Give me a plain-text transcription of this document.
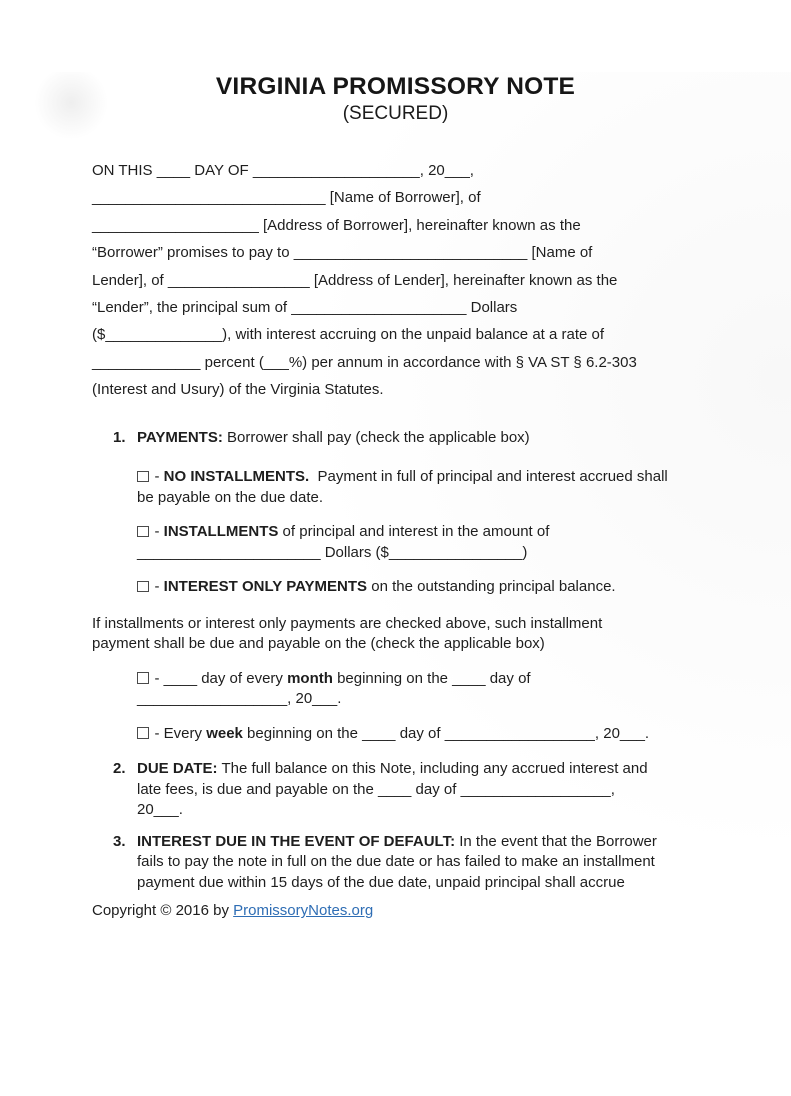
VIRGINIA PROMISSORY NOTE
(SECURED)
ON THIS ____ DAY OF ____________________, 20___,
____________________________ [Name of Borrower], of
____________________ [Address of Borrower], hereinafter known as the
“Borrower” promises to pay to ____________________________ [Name of
Lender], of _________________ [Address of Lender], hereinafter known as the
“Lender”, the principal sum of _____________________ Dollars
($______________), with interest accruing on the unpaid balance at a rate of
_____________ percent (___%) per annum in accordance with § VA ST § 6.2-303
(Interest and Usury) of the Virginia Statutes.
1. PAYMENTS: Borrower shall pay (check the applicable box)
- NO INSTALLMENTS.  Payment in full of principal and interest accrued shall
be payable on the due date.
- INSTALLMENTS of principal and interest in the amount of
______________________ Dollars ($________________)
- INTEREST ONLY PAYMENTS on the outstanding principal balance.
If installments or interest only payments are checked above, such installment
payment shall be due and payable on the (check the applicable box)
- ____ day of every month beginning on the ____ day of
__________________, 20___.
- Every week beginning on the ____ day of __________________, 20___.
2. DUE DATE: The full balance on this Note, including any accrued interest and
late fees, is due and payable on the ____ day of __________________,
20___.
3. INTEREST DUE IN THE EVENT OF DEFAULT: In the event that the Borrower
fails to pay the note in full on the due date or has failed to make an installment
payment due within 15 days of the due date, unpaid principal shall accrue
Copyright © 2016 by PromissoryNotes.org
